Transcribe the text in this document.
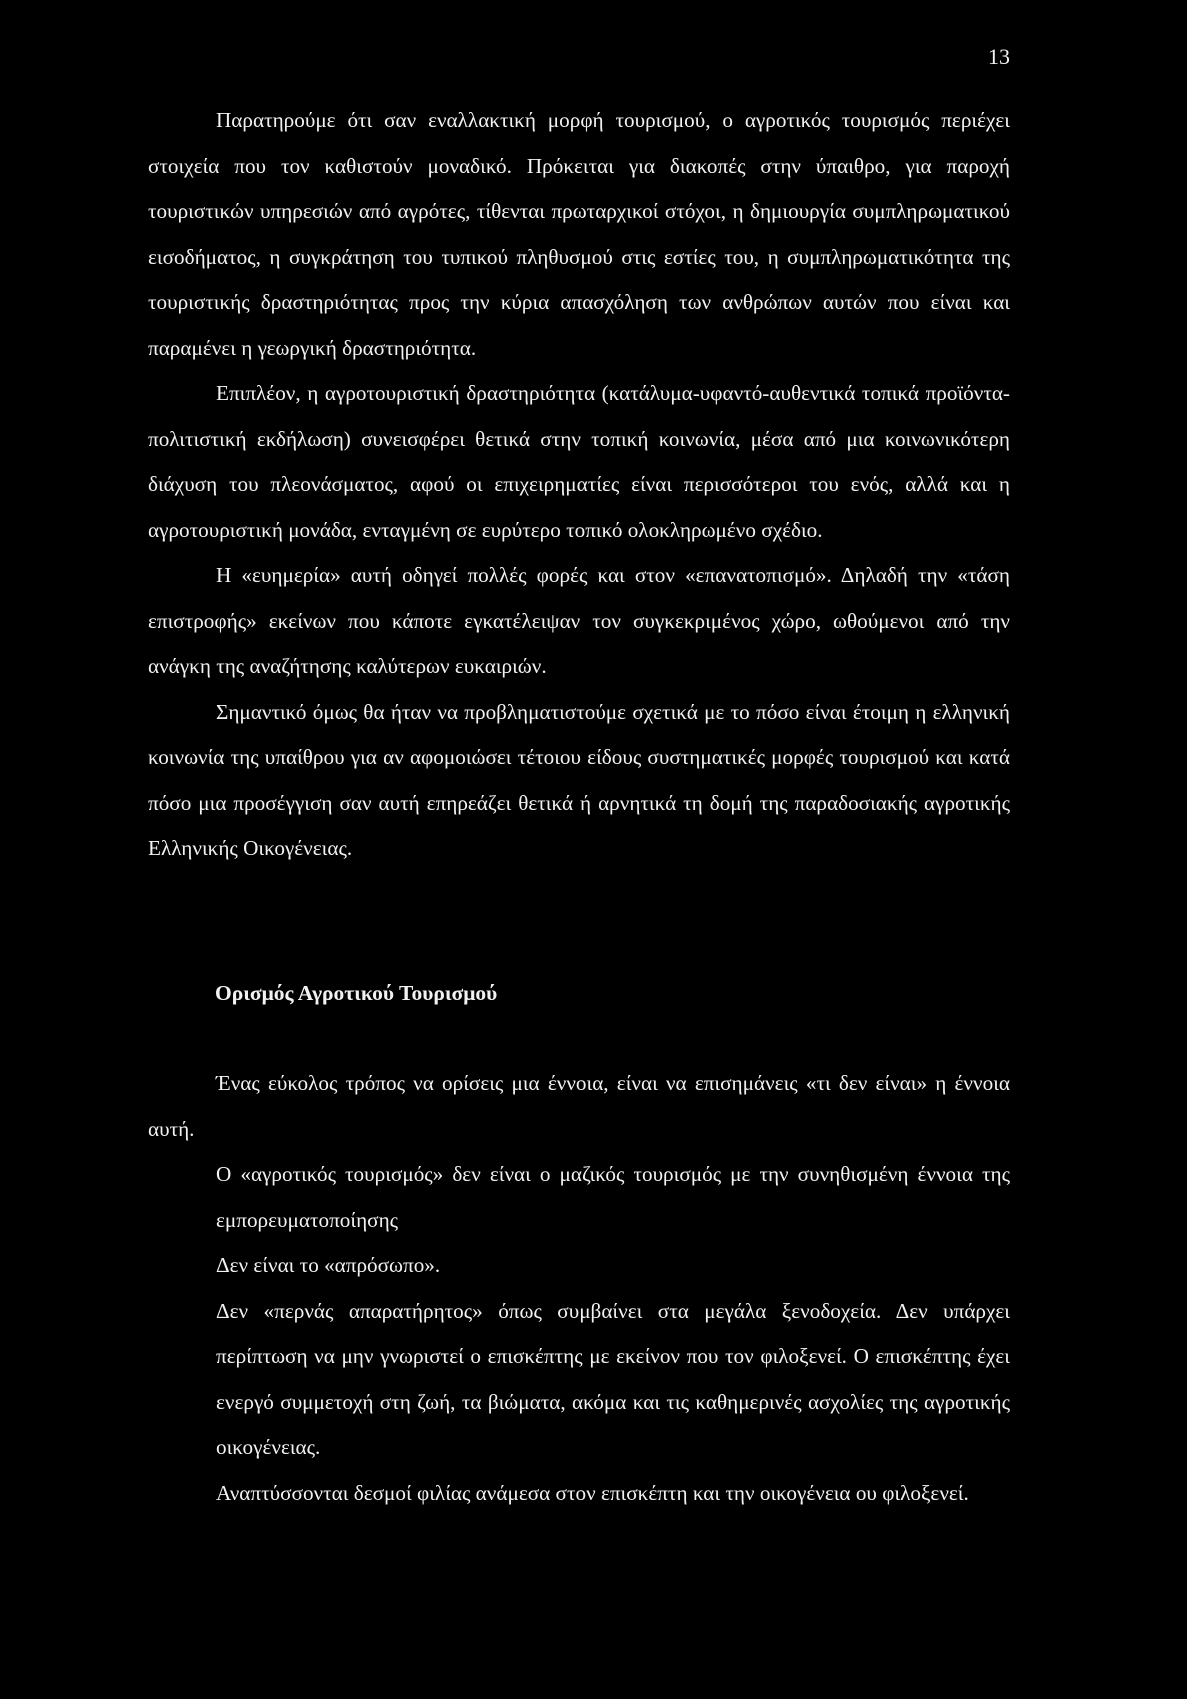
13

Παρατηρούμε ότι σαν εναλλακτική μορφή τουρισμού, ο αγροτικός τουρισμός περιέχει στοιχεία που τον καθιστούν μοναδικό. Πρόκειται για διακοπές στην ύπαιθρο, για παροχή τουριστικών υπηρεσιών από αγρότες, τίθενται πρωταρχικοί στόχοι, η δημιουργία συμπληρωματικού εισοδήματος, η συγκράτηση του τυπικού πληθυσμού στις εστίες του, η συμπληρωματικότητα της τουριστικής δραστηριότητας προς την κύρια απασχόληση των ανθρώπων αυτών που είναι και παραμένει η γεωργική δραστηριότητα.

Επιπλέον, η αγροτουριστική δραστηριότητα (κατάλυμα-υφαντό-αυθεντικά τοπικά προϊόντα-πολιτιστική εκδήλωση) συνεισφέρει θετικά στην τοπική κοινωνία, μέσα από μια κοινωνικότερη διάχυση του πλεονάσματος, αφού οι επιχειρηματίες είναι περισσότεροι του ενός, αλλά και η αγροτουριστική μονάδα, ενταγμένη σε ευρύτερο τοπικό ολοκληρωμένο σχέδιο.

Η «ευημερία» αυτή οδηγεί πολλές φορές και στον «επανατοπισμό». Δηλαδή την «τάση επιστροφής» εκείνων που κάποτε εγκατέλειψαν τον συγκεκριμένος χώρο, ωθούμενοι από την ανάγκη της αναζήτησης καλύτερων ευκαιριών.

Σημαντικό όμως θα ήταν να προβληματιστούμε σχετικά με το πόσο είναι έτοιμη η ελληνική κοινωνία της υπαίθρου για αν αφομοιώσει τέτοιου είδους συστηματικές μορφές τουρισμού και κατά πόσο μια προσέγγιση σαν αυτή επηρεάζει θετικά ή αρνητικά τη δομή της παραδοσιακής αγροτικής Ελληνικής Οικογένειας.

Ορισμός Αγροτικού Τουρισμού

Ένας εύκολος τρόπος να ορίσεις μια έννοια, είναι να επισημάνεις «τι δεν είναι» η έννοια αυτή.

Ο «αγροτικός τουρισμός» δεν είναι ο μαζικός τουρισμός με την συνηθισμένη έννοια της εμπορευματοποίησης

Δεν είναι το «απρόσωπο».

Δεν «περνάς απαρατήρητος» όπως συμβαίνει στα μεγάλα ξενοδοχεία. Δεν υπάρχει περίπτωση να μην γνωριστεί ο επισκέπτης με εκείνον που τον φιλοξενεί. Ο επισκέπτης έχει ενεργό συμμετοχή στη ζωή, τα βιώματα, ακόμα και τις καθημερινές ασχολίες της αγροτικής οικογένειας.

Αναπτύσσονται δεσμοί φιλίας ανάμεσα στον επισκέπτη και την οικογένεια ου φιλοξενεί.
